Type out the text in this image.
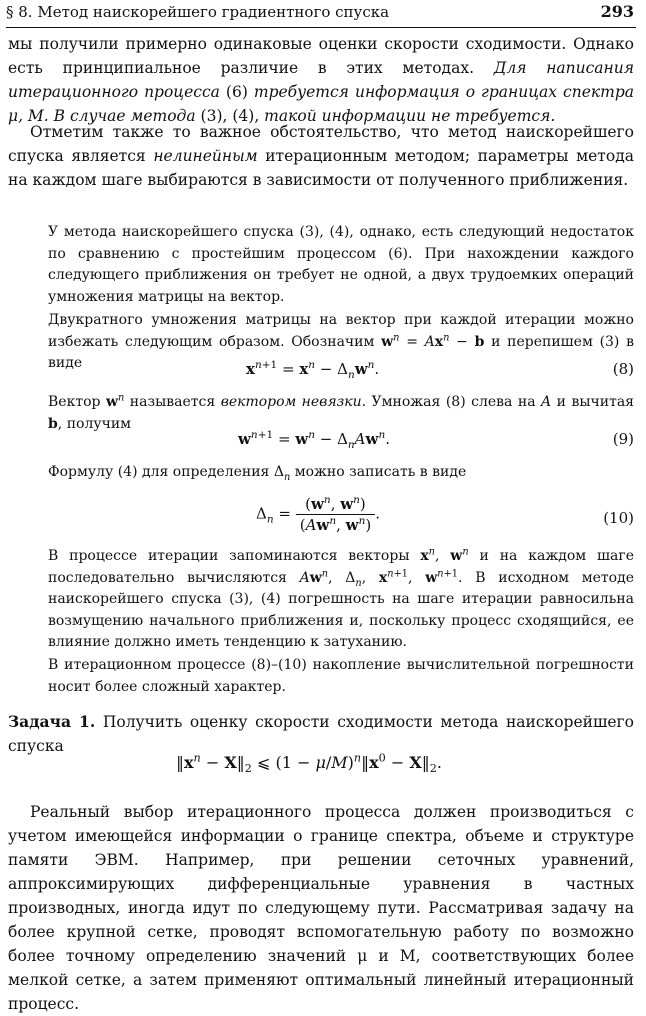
§ 8. Метод наискорейшего градиентного спуска	293

мы получили примерно одинаковые оценки скорости сходимости. Однако есть принципиальное различие в этих методах. Для написания итерационного процесса (6) требуется информация о границах спектра μ, M. В случае метода (3), (4), такой информации не требуется.

Отметим также то важное обстоятельство, что метод наискорейшего спуска является нелинейным итерационным методом; параметры метода на каждом шаге выбираются в зависимости от полученного приближения.

У метода наискорейшего спуска (3), (4), однако, есть следующий недостаток по сравнению с простейшим процессом (6). При нахождении каждого следующего приближения он требует не одной, а двух трудоемких операций умножения матрицы на вектор.

Двукратного умножения матрицы на вектор при каждой итерации можно избежать следующим образом. Обозначим $w^n = Ax^n - b$ и перепишем (3) в виде	$x^{n+1} = x^n - \Delta_nw^n$.	(8)

Вектор $w^n$ называется вектором невязки. Умножая (8) слева на A и вычитая b, получим

$w^{n+1} = w^n - \Delta_nAw^n$.	(9)

Формулу (4) для определения $\Delta_n$ можно записать в виде

$\Delta_n = \frac{(w^n, w^n)}{(Aw^n, w^n)}$ .	(10)

В процессе итерации запоминаются векторы $x^n$, $w^n$ и на каждом шаге последовательно вычисляются Aw$^n$, $\Delta_n$, $x^{n+1}$, $w^{n+1}$. В исходном методе наискорейшего спуска (3), (4) погрешность на шаге итерации равносильна возмущению начального приближения и, поскольку процесс сходящийся, ее влияние должно иметь тенденцию к затуханию.

В итерационном процессе (8)–(10) накопление вычислительной погрешности носит более сложный характер.

Задача 1. Получить оценку скорости сходимости метода наискорейшего спуска

$‖x^n$ − $X‖_2$ ⩽ $(1 - \mu/M)^n‖x^0$ − $X‖_2$.

Реальный выбор итерационного процесса должен производиться с учетом имеющейся информации о границе спектра, объеме и структуре памяти ЭВМ. Например, при решении сеточных уравнений, аппроксимирующих дифференциальные уравнения в частных производных, иногда идут по следующему пути. Рассматривая задачу на более крупной сетке, проводят вспомогательную работу по возможно более точному определению значений μ и M, соответствующих более мелкой сетке, а затем применяют оптимальный линейный итерационный процесс.
